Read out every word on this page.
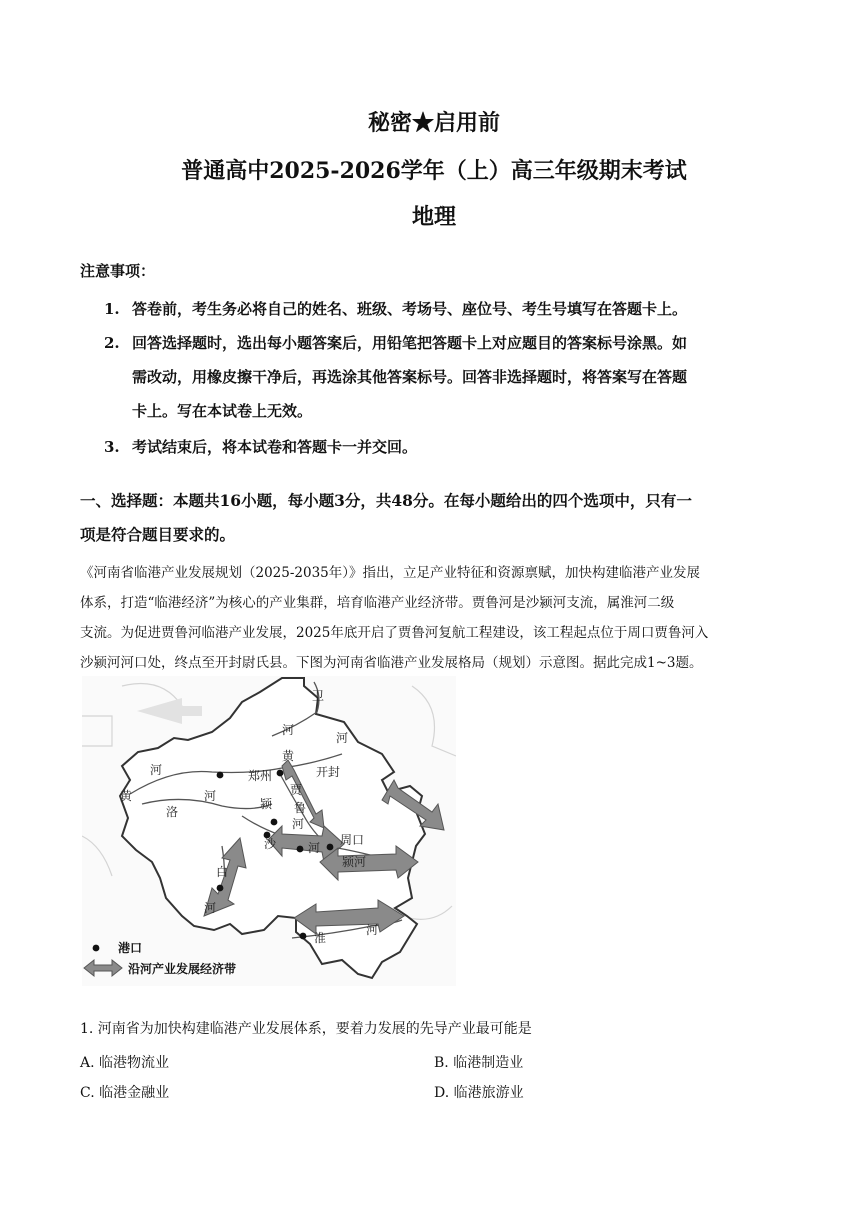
秘密★启用前
普通高中2025-2026学年（上）高三年级期末考试
地理
注意事项：
1. 答卷前，考生务必将自己的姓名、班级、考场号、座位号、考生号填写在答题卡上。
2. 回答选择题时，选出每小题答案后，用铅笔把答题卡上对应题目的答案标号涂黑。如
需改动，用橡皮擦干净后，再选涂其他答案标号。回答非选择题时，将答案写在答题
卡上。写在本试卷上无效。
3. 考试结束后，将本试卷和答题卡一并交回。
一、选择题：本题共16小题，每小题3分，共48分。在每小题给出的四个选项中，只有一
项是符合题目要求的。
《河南省临港产业发展规划（2025-2035年）》指出，立足产业特征和资源禀赋，加快构建临港产业发展
体系，打造“临港经济”为核心的产业集群，培育临港产业经济带。贾鲁河是沙颍河支流，属淮河二级
支流。为促进贾鲁河临港产业发展，2025年底开启了贾鲁河复航工程建设，该工程起点位于周口贾鲁河入
沙颍河河口处，终点至开封尉氏县。下图为河南省临港产业发展格局（规划）示意图。据此完成1~3题。
卫
河
河
黄
黄
河
河
洛
郑州	开封
颍
贾
鲁
河
沙	河
周口
颍河
白
河
淮
河
港口
沿河产业发展经济带
1. 河南省为加快构建临港产业发展体系，要着力发展的先导产业最可能是
A. 临港物流业	B. 临港制造业
C. 临港金融业	D. 临港旅游业
